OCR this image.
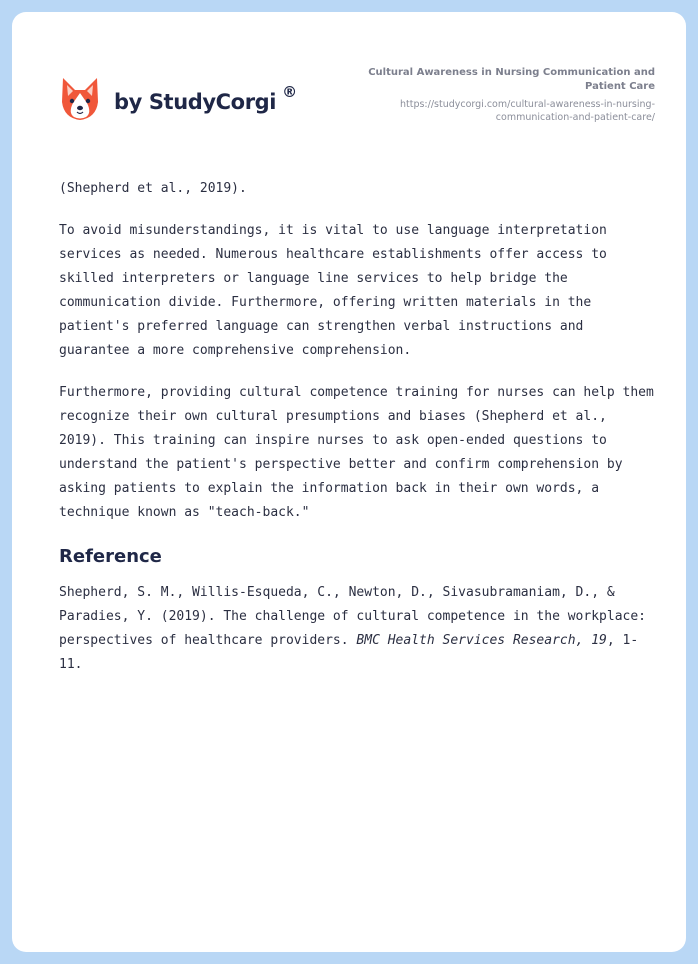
by StudyCorgi ®
Cultural Awareness in Nursing Communication and Patient Care
https://studycorgi.com/cultural-awareness-in-nursing-communication-and-patient-care/

(Shepherd et al., 2019).

To avoid misunderstandings, it is vital to use language interpretation services as needed. Numerous healthcare establishments offer access to skilled interpreters or language line services to help bridge the communication divide. Furthermore, offering written materials in the patient's preferred language can strengthen verbal instructions and guarantee a more comprehensive comprehension.

Furthermore, providing cultural competence training for nurses can help them recognize their own cultural presumptions and biases (Shepherd et al., 2019). This training can inspire nurses to ask open-ended questions to understand the patient's perspective better and confirm comprehension by asking patients to explain the information back in their own words, a technique known as "teach-back."

Reference

Shepherd, S. M., Willis-Esqueda, C., Newton, D., Sivasubramaniam, D., & Paradies, Y. (2019). The challenge of cultural competence in the workplace: perspectives of healthcare providers. BMC Health Services Research, 19, 1-11.
